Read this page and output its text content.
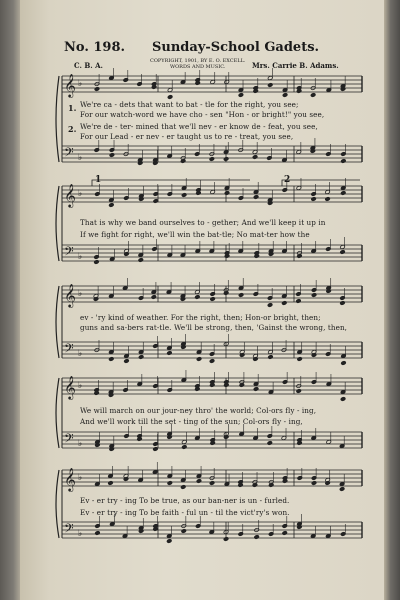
No. 198. Sunday-School Gadets.
C. B. A.	COPYRIGHT, 1901, BY E. O. EXCELL.
WORDS AND MUSIC.	Mrs. Carrie B. Adams.
𝄞 ♭
𝄢 ♭
𝄞 ♭
𝄢 ♭
𝄞 ♭
𝄢 ♭
𝄞 ♭
𝄢 ♭
𝄞 ♭
𝄢 ♭
1.
2.
We're ca - dets that want to bat - tle for the right, you see;
For our watch-word we have cho - sen "Hon - or bright!" you see,
We're de - ter- mined that we'll nev - er know de - feat, you see,
For our Lead - er nev - er taught us to re - treat, you see,
1	2
That is why we band ourselves to - gether; And we'll keep it up in
If we fight for right, we'll win the bat-tle; No mat-ter how the
ev - 'ry kind of weather. For the right, then; Hon-or bright, then;
guns and sa-bers rat-tle. We'll be strong, then, 'Gainst the wrong, then,
We will march on our jour-ney thro' the world; Col-ors fly - ing,
And we'll work till the set - ting of the sun; Col-ors fly - ing,
Ev - er try - ing To be true, as our ban-ner is un - furled.
Ev - er try - ing To be faith - ful un - til the vict'ry's won.
